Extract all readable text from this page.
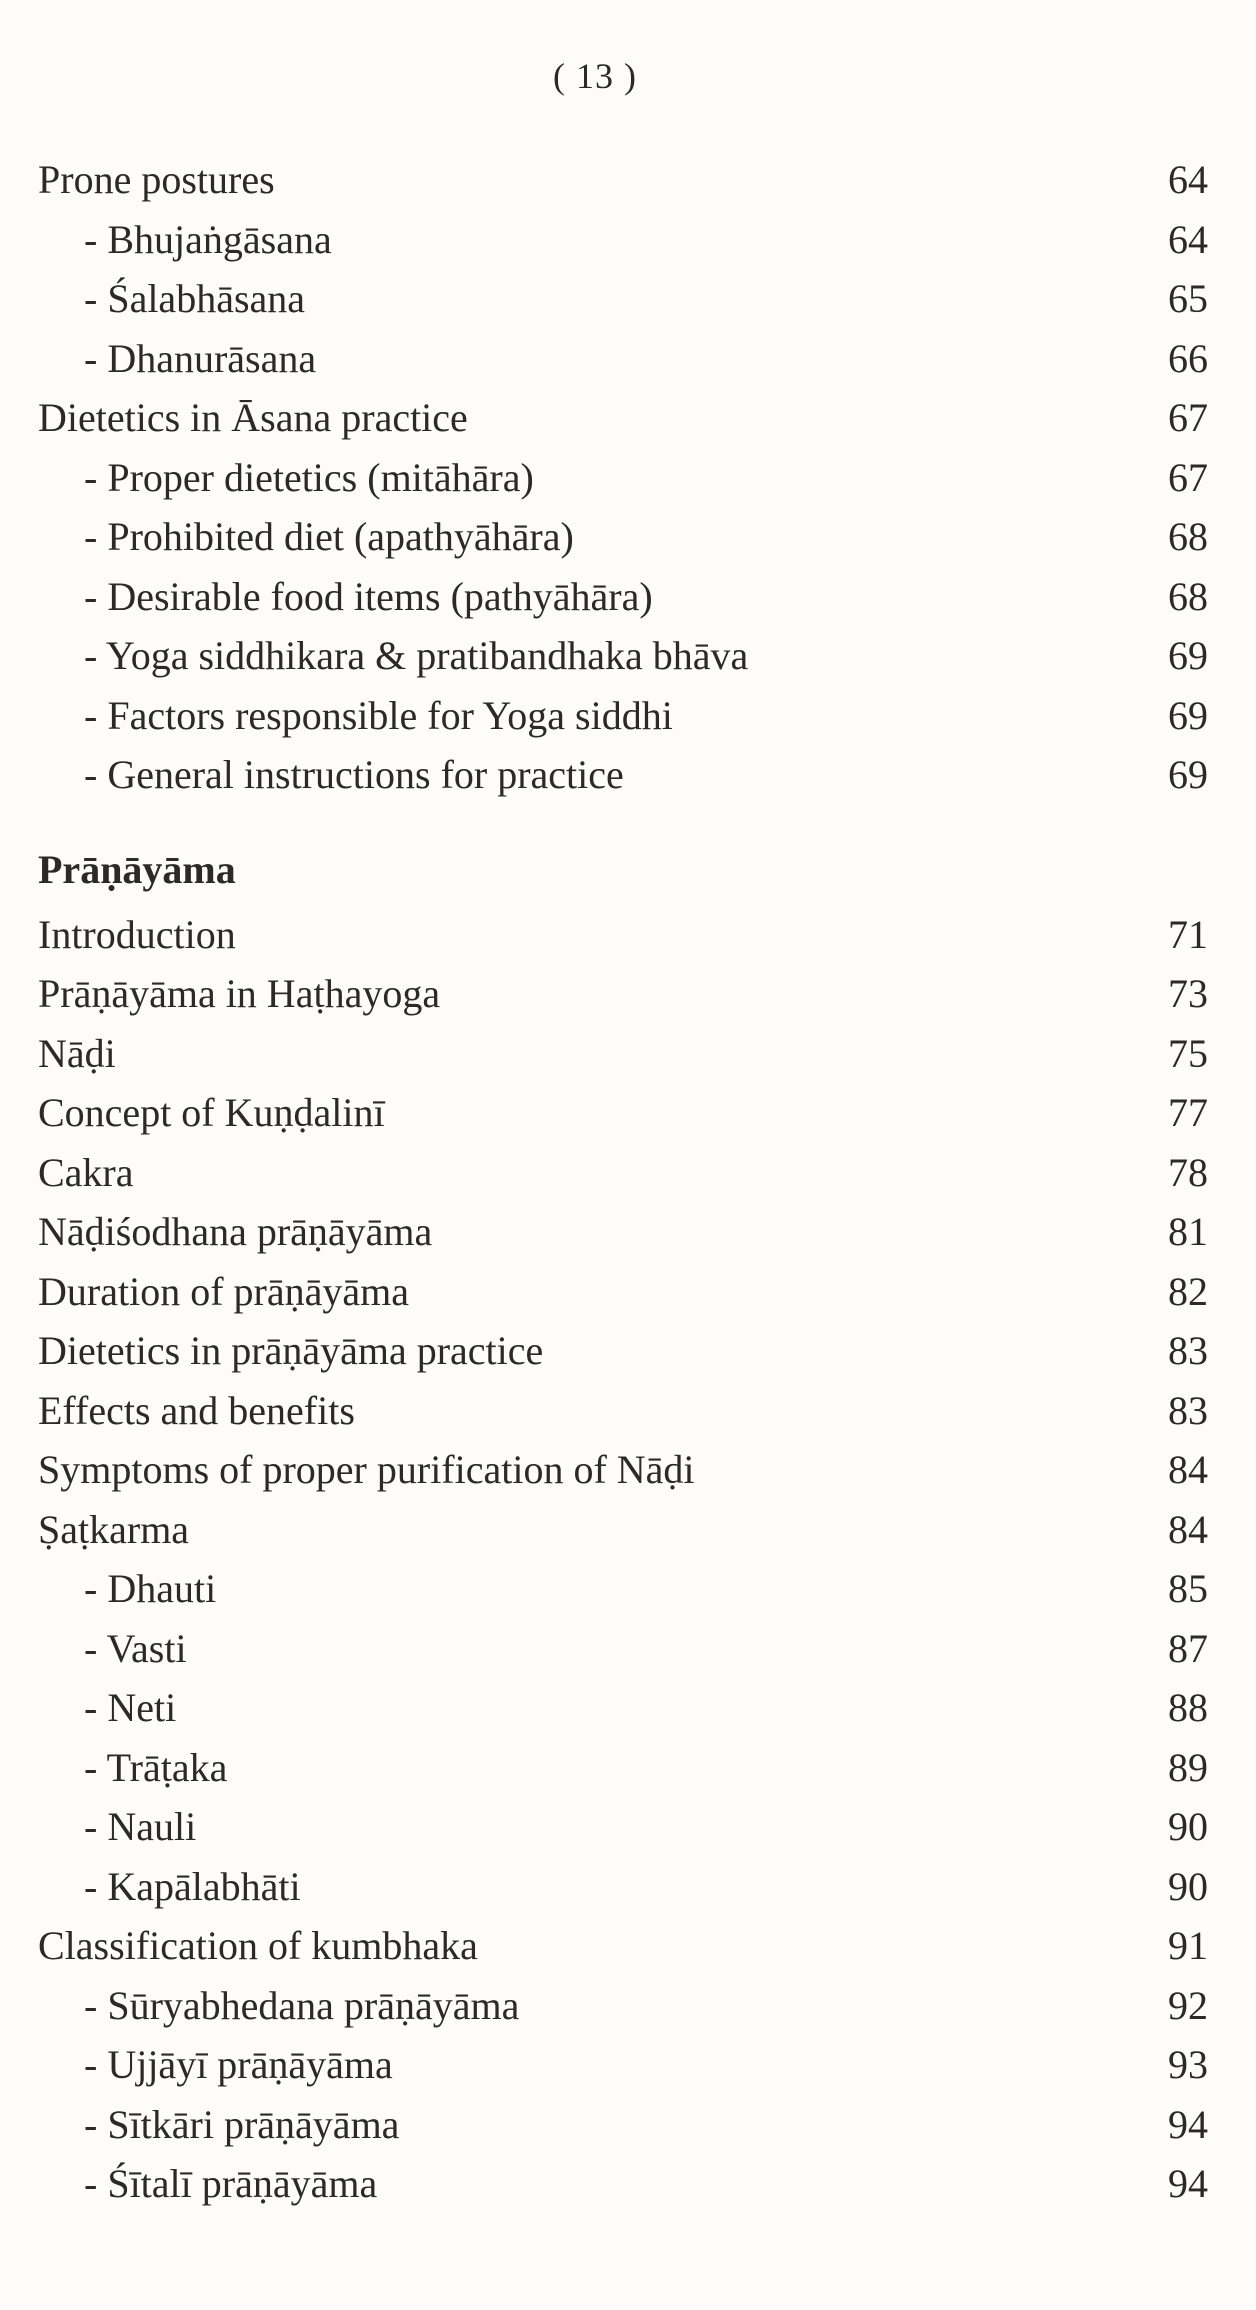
( 13 )
Prone postures	64
- Bhujaṅgāsana	64
- Śalabhāsana	65
- Dhanurāsana	66
Dietetics in Āsana practice	67
- Proper dietetics (mitāhāra)	67
- Prohibited diet (apathyāhāra)	68
- Desirable food items (pathyāhāra)	68
- Yoga siddhikara & pratibandhaka bhāva	69
- Factors responsible for Yoga siddhi	69
- General instructions for practice	69
Prāṇāyāma
Introduction	71
Prāṇāyāma in Haṭhayoga	73
Nāḍi	75
Concept of Kuṇḍalinī	77
Cakra	78
Nāḍiśodhana prāṇāyāma	81
Duration of prāṇāyāma	82
Dietetics in prāṇāyāma practice	83
Effects and benefits	83
Symptoms of proper purification of Nāḍi	84
Ṣaṭkarma	84
- Dhauti	85
- Vasti	87
- Neti	88
- Trāṭaka	89
- Nauli	90
- Kapālabhāti	90
Classification of kumbhaka	91
- Sūryabhedana prāṇāyāma	92
- Ujjāyī prāṇāyāma	93
- Sītkāri prāṇāyāma	94
- Śītalī prāṇāyāma	94
